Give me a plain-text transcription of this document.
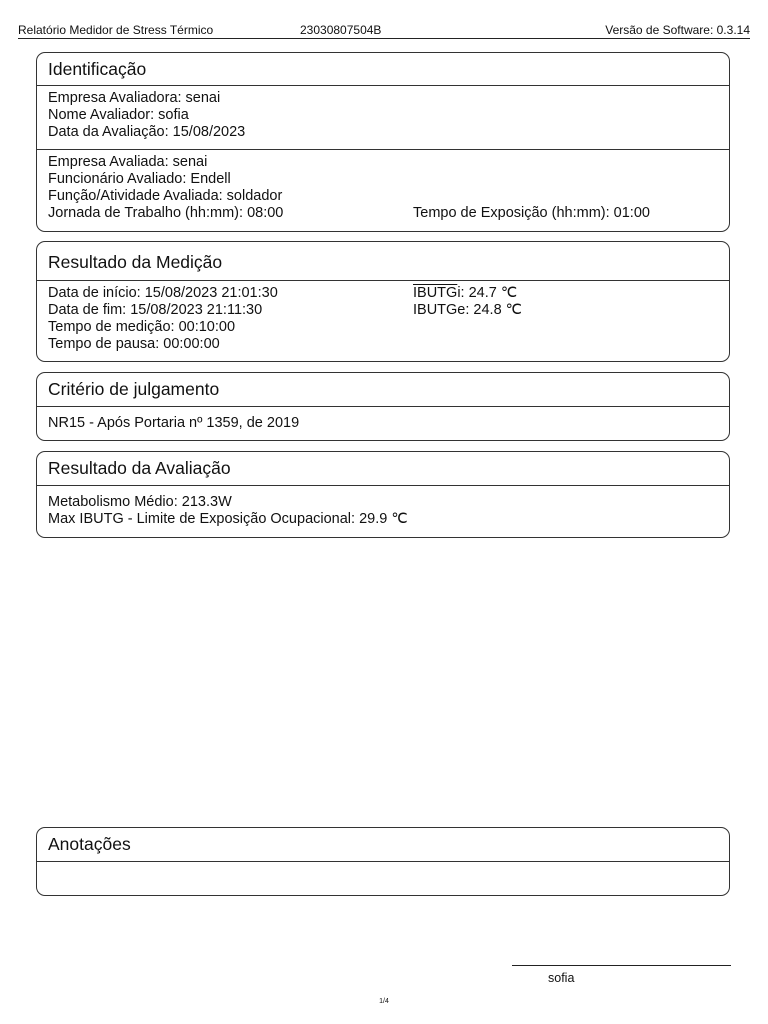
Relatório Medidor de Stress Térmico	23030807504B	Versão de Software: 0.3.14
Identificação
Empresa Avaliadora: senai
Nome Avaliador: sofia
Data da Avaliação: 15/08/2023
Empresa Avaliada: senai
Funcionário Avaliado: Endell
Função/Atividade Avaliada: soldador
Jornada de Trabalho (hh:mm): 08:00	Tempo de Exposição (hh:mm): 01:00
Resultado da Medição
Data de início: 15/08/2023 21:01:30	IBUTGi: 24.7 ℃
Data de fim: 15/08/2023 21:11:30	IBUTGe: 24.8 ℃
Tempo de medição: 00:10:00
Tempo de pausa: 00:00:00
Critério de julgamento
NR15 - Após Portaria nº 1359, de 2019
Resultado da Avaliação
Metabolismo Médio: 213.3W
Max IBUTG - Limite de Exposição Ocupacional: 29.9 ℃
Anotações
sofia
1/4
